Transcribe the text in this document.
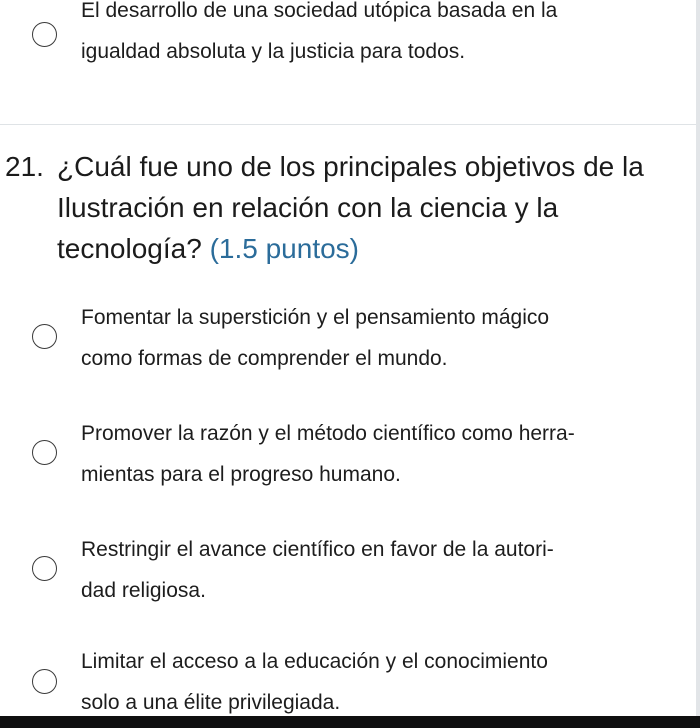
El desarrollo de una sociedad utópica basada en la
igualdad absoluta y la justicia para todos.
21. ¿Cuál fue uno de los principales objetivos de la Ilustración en relación con la ciencia y la tecnología? (1.5 puntos)
Fomentar la superstición y el pensamiento mágico
como formas de comprender el mundo.
Promover la razón y el método científico como herra-
mientas para el progreso humano.
Restringir el avance científico en favor de la autori-
dad religiosa.
Limitar el acceso a la educación y el conocimiento
solo a una élite privilegiada.
